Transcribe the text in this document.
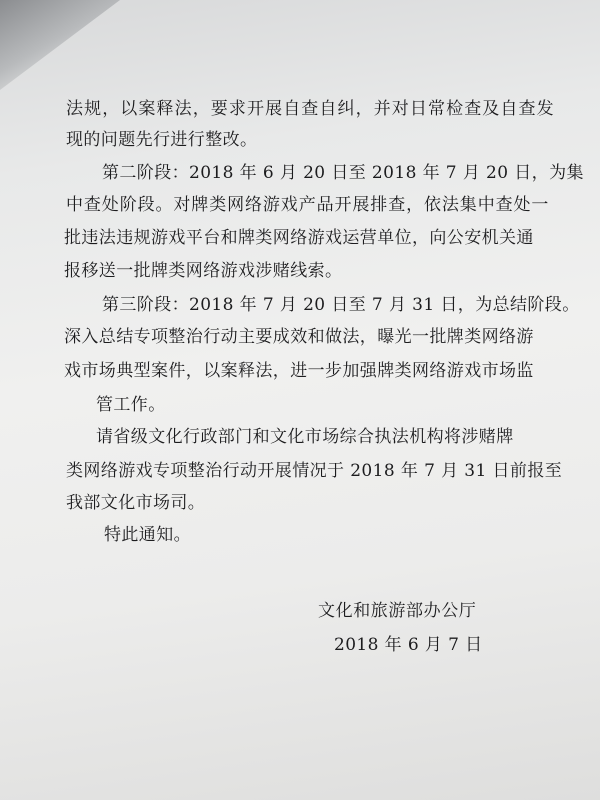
法规，以案释法，要求开展自查自纠，并对日常检查及自查发
现的问题先行进行整改。
第二阶段：2018 年 6 月 20 日至 2018 年 7 月 20 日，为集
中查处阶段。对牌类网络游戏产品开展排查，依法集中查处一
批违法违规游戏平台和牌类网络游戏运营单位，向公安机关通
报移送一批牌类网络游戏涉赌线索。
第三阶段：2018 年 7 月 20 日至 7 月 31 日，为总结阶段。
深入总结专项整治行动主要成效和做法，曝光一批牌类网络游
戏市场典型案件，以案释法，进一步加强牌类网络游戏市场监
管工作。
请省级文化行政部门和文化市场综合执法机构将涉赌牌
类网络游戏专项整治行动开展情况于 2018 年 7 月 31 日前报至
我部文化市场司。
特此通知。
文化和旅游部办公厅
2018 年 6 月 7 日
